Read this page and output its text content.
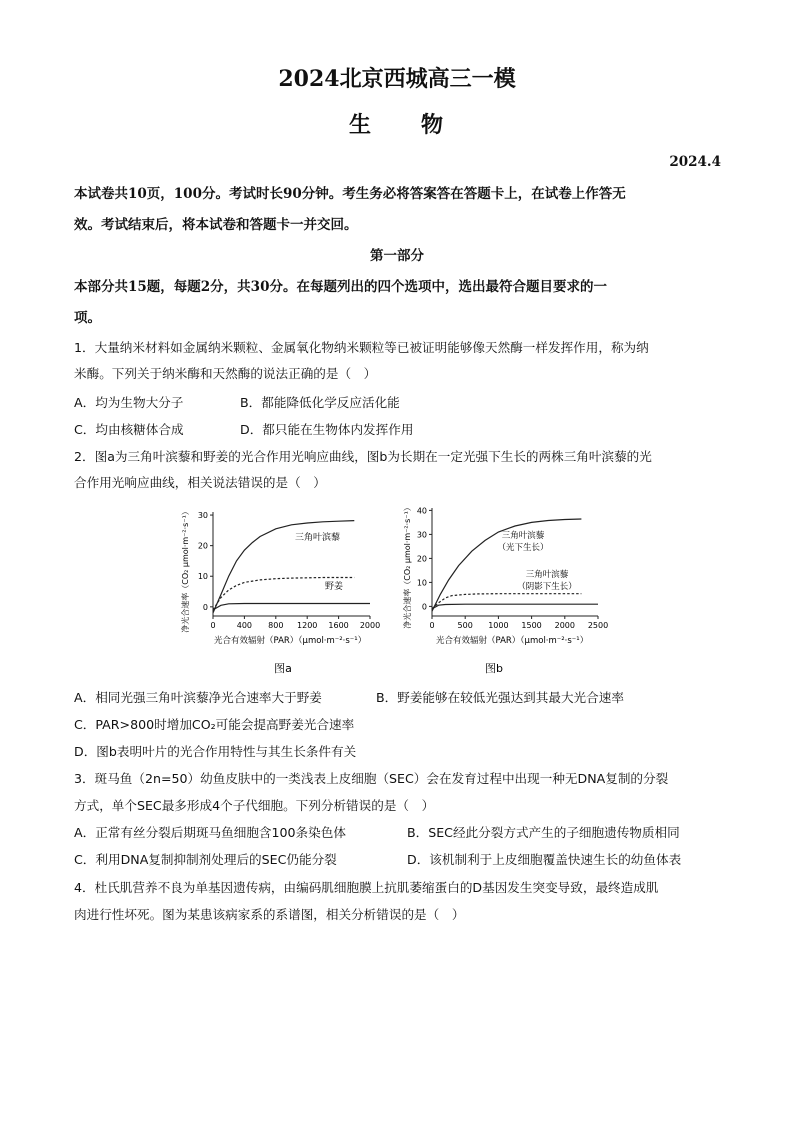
2024北京西城高三一模
生　　物
2024.4
本试卷共10页，100分。考试时长90分钟。考生务必将答案答在答题卡上，在试卷上作答无
效。考试结束后，将本试卷和答题卡一并交回。
第一部分
本部分共15题，每题2分，共30分。在每题列出的四个选项中，选出最符合题目要求的一
项。
1．大量纳米材料如金属纳米颗粒、金属氧化物纳米颗粒等已被证明能够像天然酶一样发挥作用，称为纳
米酶。下列关于纳米酶和天然酶的说法正确的是（　）
A．均为生物大分子	B．都能降低化学反应活化能
C．均由核糖体合成	D．都只能在生物体内发挥作用
2．图a为三角叶滨藜和野姜的光合作用光响应曲线，图b为长期在一定光强下生长的两株三角叶滨藜的光
合作用光响应曲线，相关说法错误的是（　）
净光合速率（CO₂ μmol·m⁻²·s⁻¹） 0
10
20
30
0	400 800 1200 1600 2000
三角叶滨藜
野姜
光合有效辐射（PAR）（μmol·m⁻²·s⁻¹）
图a
净光合速率（CO₂ μmol·m⁻²·s⁻¹） 0
10
20
30
40
0	500 1000 1500 2000 2500
三角叶滨藜
（光下生长）
三角叶滨藜
（阴影下生长）
光合有效辐射（PAR）（μmol·m⁻²·s⁻¹）
图b
A．相同光强三角叶滨藜净光合速率大于野姜	B．野姜能够在较低光强达到其最大光合速率
C．PAR>800时增加CO₂可能会提高野姜光合速率
D．图b表明叶片的光合作用特性与其生长条件有关
3．斑马鱼（2n=50）幼鱼皮肤中的一类浅表上皮细胞（SEC）会在发育过程中出现一种无DNA复制的分裂
方式，单个SEC最多形成4个子代细胞。下列分析错误的是（　）
A．正常有丝分裂后期斑马鱼细胞含100条染色体	B．SEC经此分裂方式产生的子细胞遗传物质相同
C．利用DNA复制抑制剂处理后的SEC仍能分裂	D．该机制利于上皮细胞覆盖快速生长的幼鱼体表
4．杜氏肌营养不良为单基因遗传病，由编码肌细胞膜上抗肌萎缩蛋白的D基因发生突变导致，最终造成肌
肉进行性坏死。图为某患该病家系的系谱图，相关分析错误的是（　）
